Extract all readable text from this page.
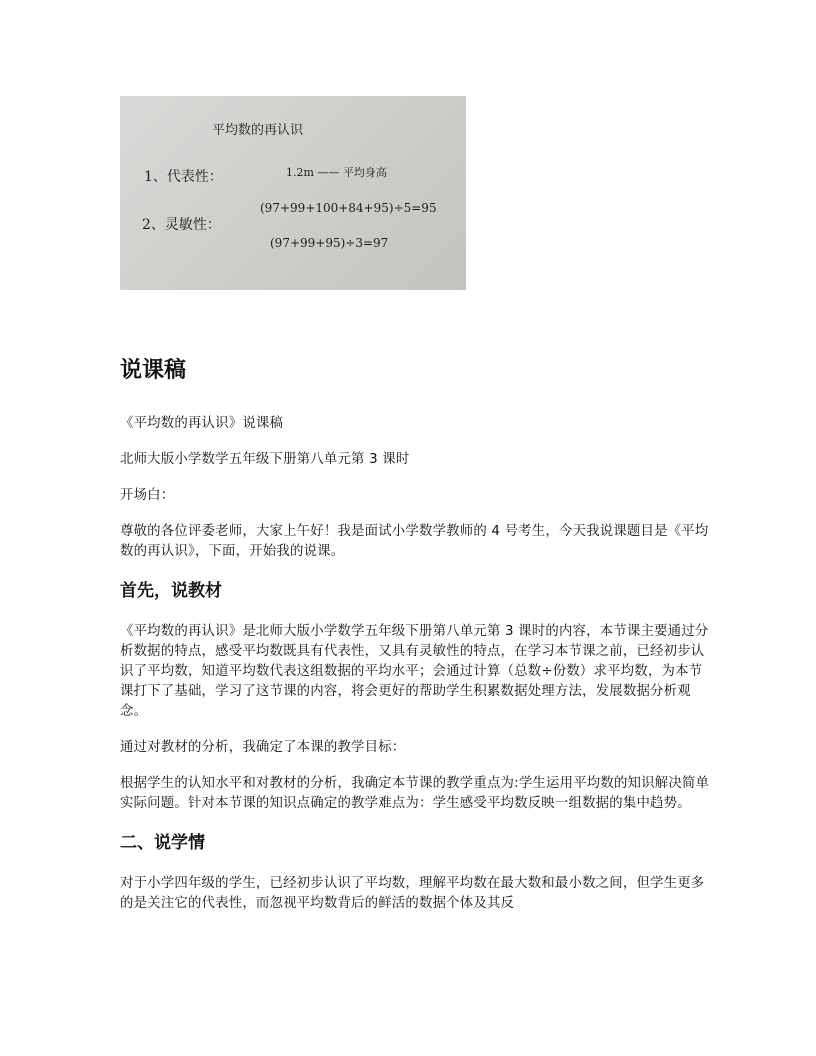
平均数的再认识
1、代表性：	1.2m —— 平均身高
(97+99+100+84+95)÷5=95
2、灵敏性：
(97+99+95)÷3=97
说课稿

《平均数的再认识》说课稿

北师大版小学数学五年级下册第八单元第 3 课时

开场白：

尊敬的各位评委老师，大家上午好！我是面试小学数学教师的 4 号考生，今天我说课题目是《平均数的再认识》，下面，开始我的说课。

首先，说教材

《平均数的再认识》是北师大版小学数学五年级下册第八单元第 3 课时的内容，本节课主要通过分析数据的特点，感受平均数既具有代表性，又具有灵敏性的特点，在学习本节课之前，已经初步认识了平均数，知道平均数代表这组数据的平均水平；会通过计算（总数÷份数）求平均数，为本节课打下了基础，学习了这节课的内容，将会更好的帮助学生积累数据处理方法，发展数据分析观念。

通过对教材的分析，我确定了本课的教学目标：

根据学生的认知水平和对教材的分析，我确定本节课的教学重点为:学生运用平均数的知识解决简单实际问题。针对本节课的知识点确定的教学难点为：学生感受平均数反映一组数据的集中趋势。

二、说学情

对于小学四年级的学生，已经初步认识了平均数，理解平均数在最大数和最小数之间，但学生更多的是关注它的代表性，而忽视平均数背后的鲜活的数据个体及其反
